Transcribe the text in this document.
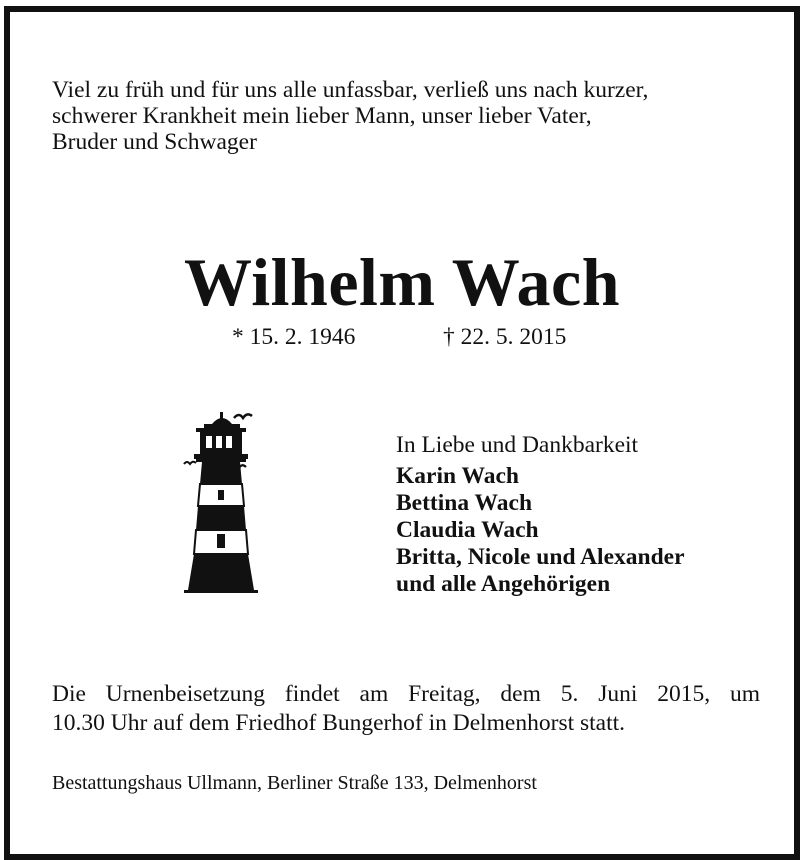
Viel zu früh und für uns alle unfassbar, verließ uns nach kurzer,
schwerer Krankheit mein lieber Mann, unser lieber Vater,
Bruder und Schwager
Wilhelm Wach
* 15. 2. 1946	† 22. 5. 2015
In Liebe und Dankbarkeit
Karin Wach
Bettina Wach
Claudia Wach
Britta, Nicole und Alexander
und alle Angehörigen
Die Urnenbeisetzung findet am Freitag, dem 5. Juni 2015, um
10.30 Uhr auf dem Friedhof Bungerhof in Delmenhorst statt.
Bestattungshaus Ullmann, Berliner Straße 133, Delmenhorst
